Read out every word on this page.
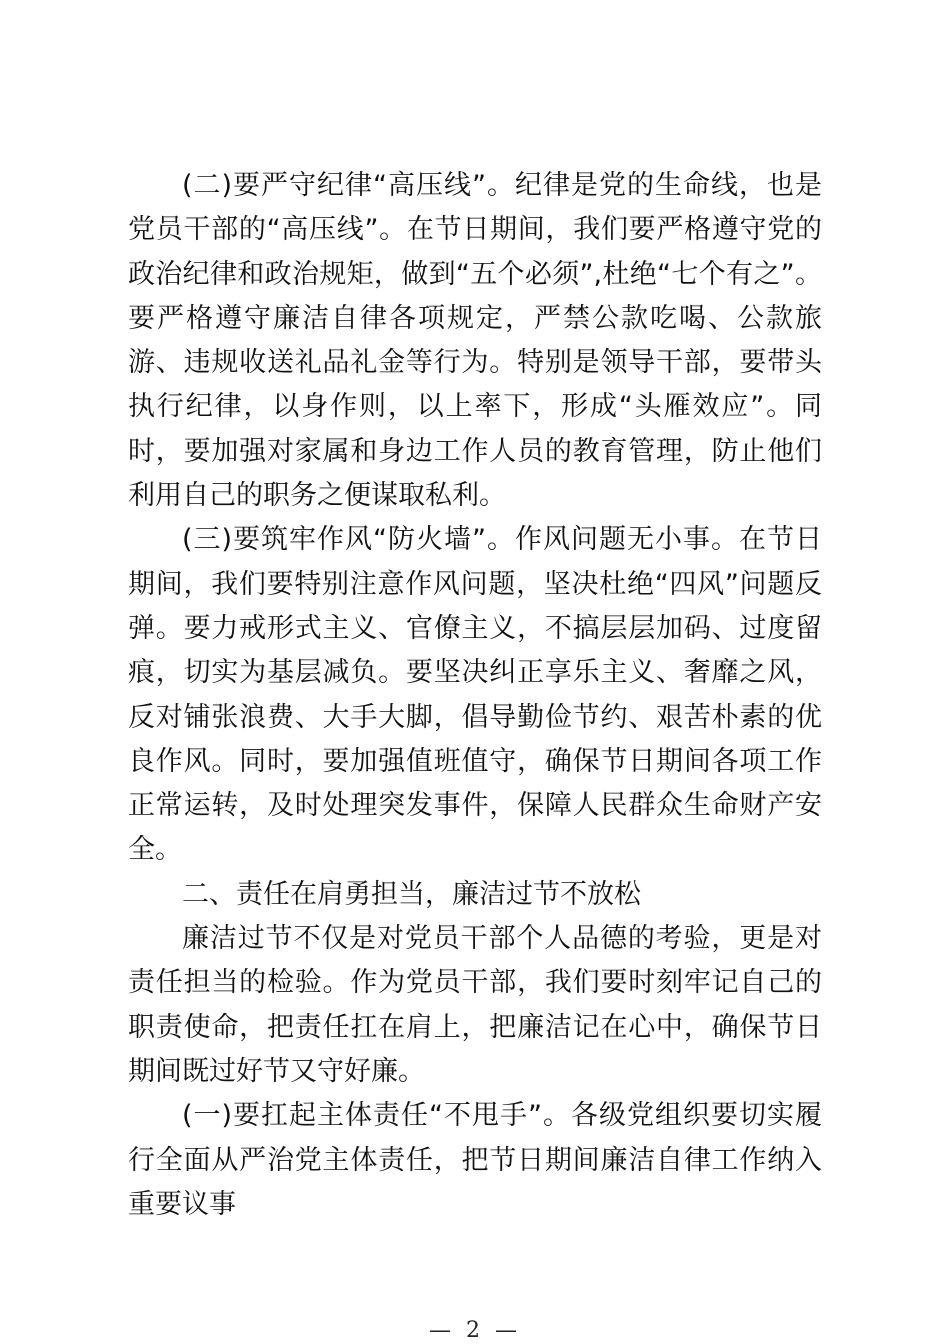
(二)要严守纪律“高压线”。纪律是党的生命线，也是党员干部的“高压线”。在节日期间，我们要严格遵守党的政治纪律和政治规矩，做到“五个必须”,杜绝“七个有之”。要严格遵守廉洁自律各项规定，严禁公款吃喝、公款旅游、违规收送礼品礼金等行为。特别是领导干部，要带头执行纪律，以身作则，以上率下，形成“头雁效应”。同时，要加强对家属和身边工作人员的教育管理，防止他们利用自己的职务之便谋取私利。

(三)要筑牢作风“防火墙”。作风问题无小事。在节日期间，我们要特别注意作风问题，坚决杜绝“四风”问题反弹。要力戒形式主义、官僚主义，不搞层层加码、过度留痕，切实为基层减负。要坚决纠正享乐主义、奢靡之风，反对铺张浪费、大手大脚，倡导勤俭节约、艰苦朴素的优良作风。同时，要加强值班值守，确保节日期间各项工作正常运转，及时处理突发事件，保障人民群众生命财产安全。

二、责任在肩勇担当，廉洁过节不放松

廉洁过节不仅是对党员干部个人品德的考验，更是对责任担当的检验。作为党员干部，我们要时刻牢记自己的职责使命，把责任扛在肩上，把廉洁记在心中，确保节日期间既过好节又守好廉。

(一)要扛起主体责任“不甩手”。各级党组织要切实履行全面从严治党主体责任，把节日期间廉洁自律工作纳入重要议事

— 2 —
